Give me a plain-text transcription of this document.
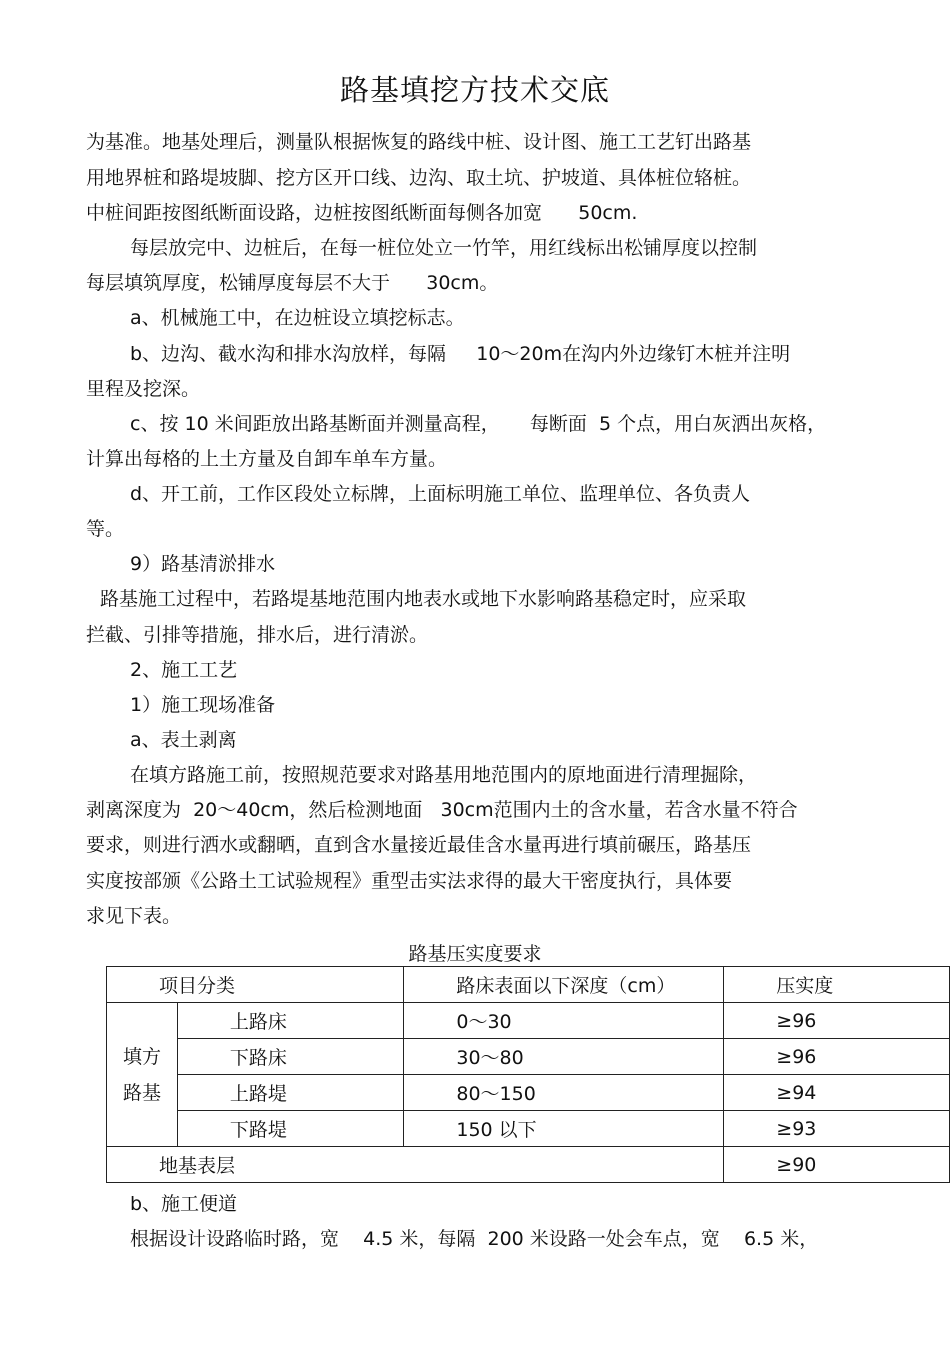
路基填挖方技术交底
为基准。地基处理后，测量队根据恢复的路线中桩、设计图、施工工艺钉出路基
用地界桩和路堤坡脚、挖方区开口线、边沟、取土坑、护坡道、具体桩位辂桩。
中桩间距按图纸断面设路，边桩按图纸断面每侧各加宽      50cm.
每层放完中、边桩后，在每一桩位处立一竹竿，用红线标出松铺厚度以控制
每层填筑厚度，松铺厚度每层不大于      30cm。
a、机械施工中，在边桩设立填挖标志。
b、边沟、截水沟和排水沟放样，每隔     10～20m在沟内外边缘钉木桩并注明
里程及挖深。
c、按 10 米间距放出路基断面并测量高程，     每断面  5 个点，用白灰洒出灰格，
计算出每格的上土方量及自卸车单车方量。
d、开工前，工作区段处立标牌，上面标明施工单位、监理单位、各负责人
等。
9）路基清淤排水
路基施工过程中，若路堤基地范围内地表水或地下水影响路基稳定时，应采取
拦截、引排等措施，排水后，进行清淤。
2、施工工艺
1）施工现场准备
a、表土剥离
在填方路施工前，按照规范要求对路基用地范围内的原地面进行清理掘除，
剥离深度为  20～40cm，然后检测地面   30cm范围内土的含水量，若含水量不符合
要求，则进行洒水或翻晒，直到含水量接近最佳含水量再进行填前碾压，路基压
实度按部颁《公路土工试验规程》重型击实法求得的最大干密度执行，具体要
求见下表。
路基压实度要求
项目分类		路床表面以下深度（cm）	压实度

填方
路基	上路床	0～30	≥96
	下路床	30～80	≥96
	上路堤	80～150	≥94
	下路堤	150 以下	≥93
地基表层			≥90
b、施工便道
根据设计设路临时路，宽    4.5 米，每隔  200 米设路一处会车点，宽    6.5 米，
